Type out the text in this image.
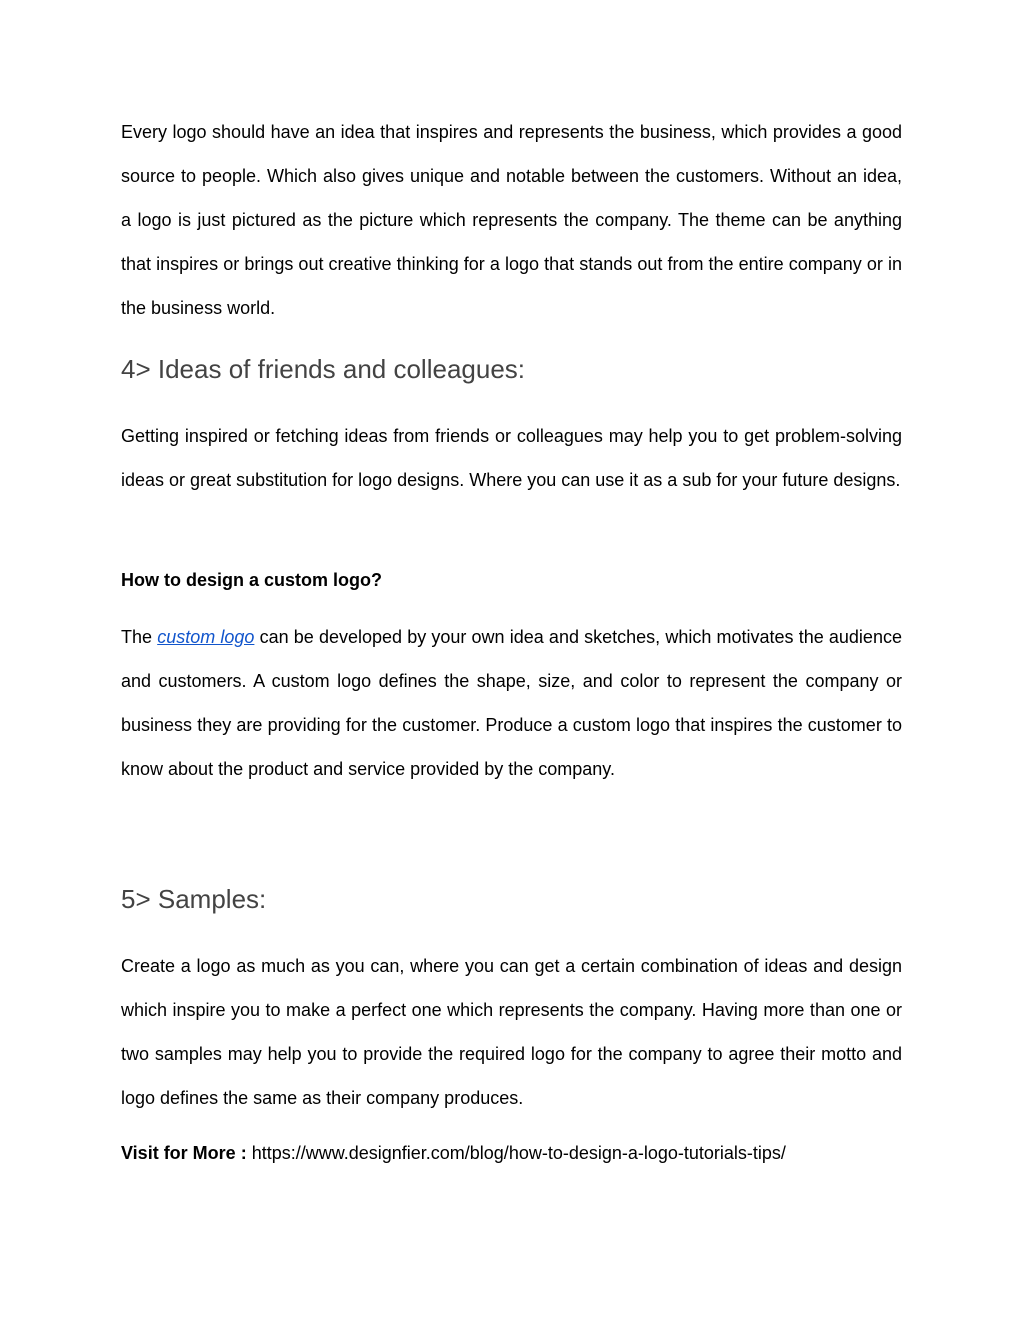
Every logo should have an idea that inspires and represents the business, which provides a good source to people. Which also gives unique and notable between the customers. Without an idea, a logo is just pictured as the picture which represents the company. The theme can be anything that inspires or brings out creative thinking for a logo that stands out from the entire company or in the business world.

4> Ideas of friends and colleagues:

Getting inspired or fetching ideas from friends or colleagues may help you to get problem-solving ideas or great substitution for logo designs. Where you can use it as a sub for your future designs.

How to design a custom logo?

The custom logo can be developed by your own idea and sketches, which motivates the audience and customers. A custom logo defines the shape, size, and color to represent the company or business they are providing for the customer. Produce a custom logo that inspires the customer to know about the product and service provided by the company.

5> Samples:

Create a logo as much as you can, where you can get a certain combination of ideas and design which inspire you to make a perfect one which represents the company. Having more than one or two samples may help you to provide the required logo for the company to agree their motto and logo defines the same as their company produces.

Visit for More : https://www.designfier.com/blog/how-to-design-a-logo-tutorials-tips/
